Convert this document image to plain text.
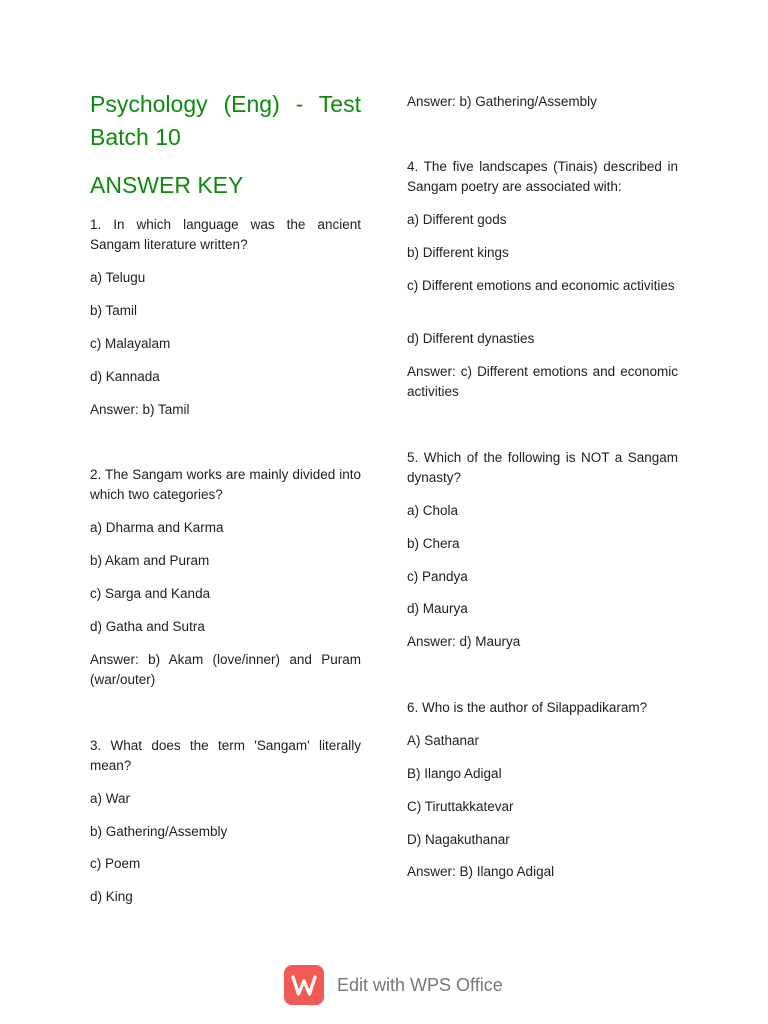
Psychology (Eng) - Test Batch 10
ANSWER KEY

1. In which language was the ancient Sangam literature written?

a) Telugu

b) Tamil

c) Malayalam

d) Kannada

Answer: b) Tamil

2. The Sangam works are mainly divided into which two categories?

a) Dharma and Karma

b) Akam and Puram

c) Sarga and Kanda

d) Gatha and Sutra

Answer: b) Akam (love/inner) and Puram (war/outer)

3. What does the term 'Sangam' literally mean?

a) War

b) Gathering/Assembly

c) Poem

d) King

Answer: b) Gathering/Assembly

4. The five landscapes (Tinais) described in Sangam poetry are associated with:

a) Different gods

b) Different kings

c) Different emotions and economic activities

d) Different dynasties

Answer: c) Different emotions and economic activities

5. Which of the following is NOT a Sangam dynasty?

a) Chola

b) Chera

c) Pandya

d) Maurya

Answer: d) Maurya

6. Who is the author of Silappadikaram?

A) Sathanar

B) Ilango Adigal

C) Tiruttakkatevar

D) Nagakuthanar

Answer: B) Ilango Adigal

Edit with WPS Office
